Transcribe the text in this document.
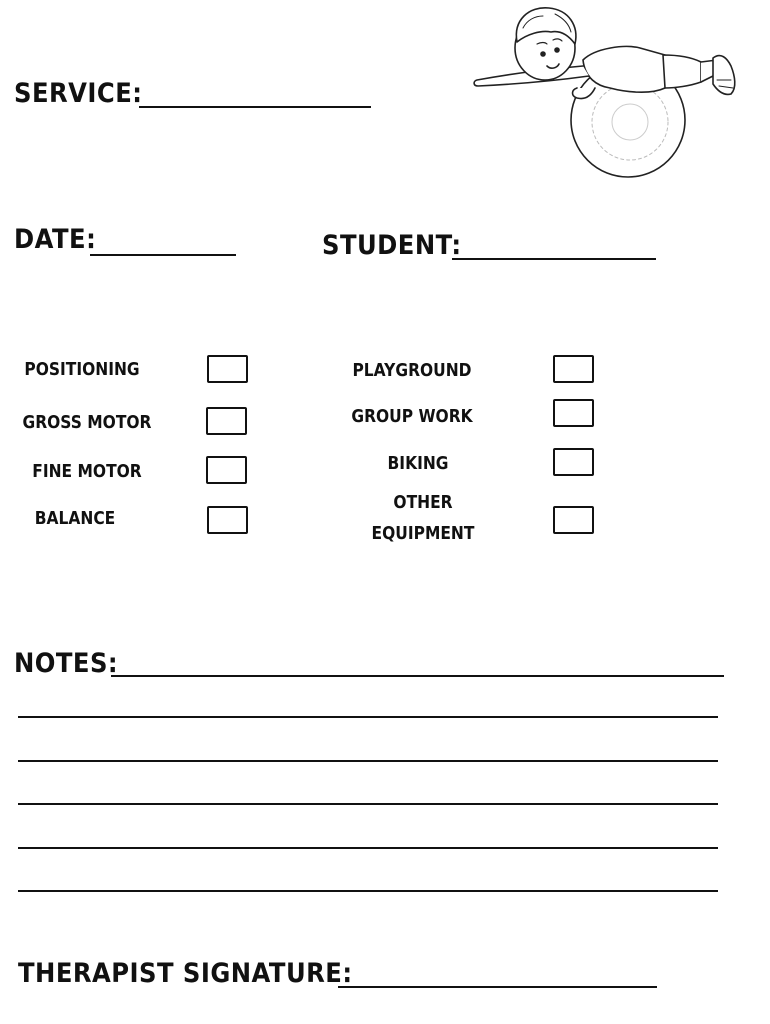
SERVICE:
DATE:	STUDENT:
POSITIONING
GROSS MOTOR
FINE MOTOR
BALANCE
PLAYGROUND
GROUP WORK
BIKING
OTHER
EQUIPMENT
NOTES:
THERAPIST SIGNATURE:
